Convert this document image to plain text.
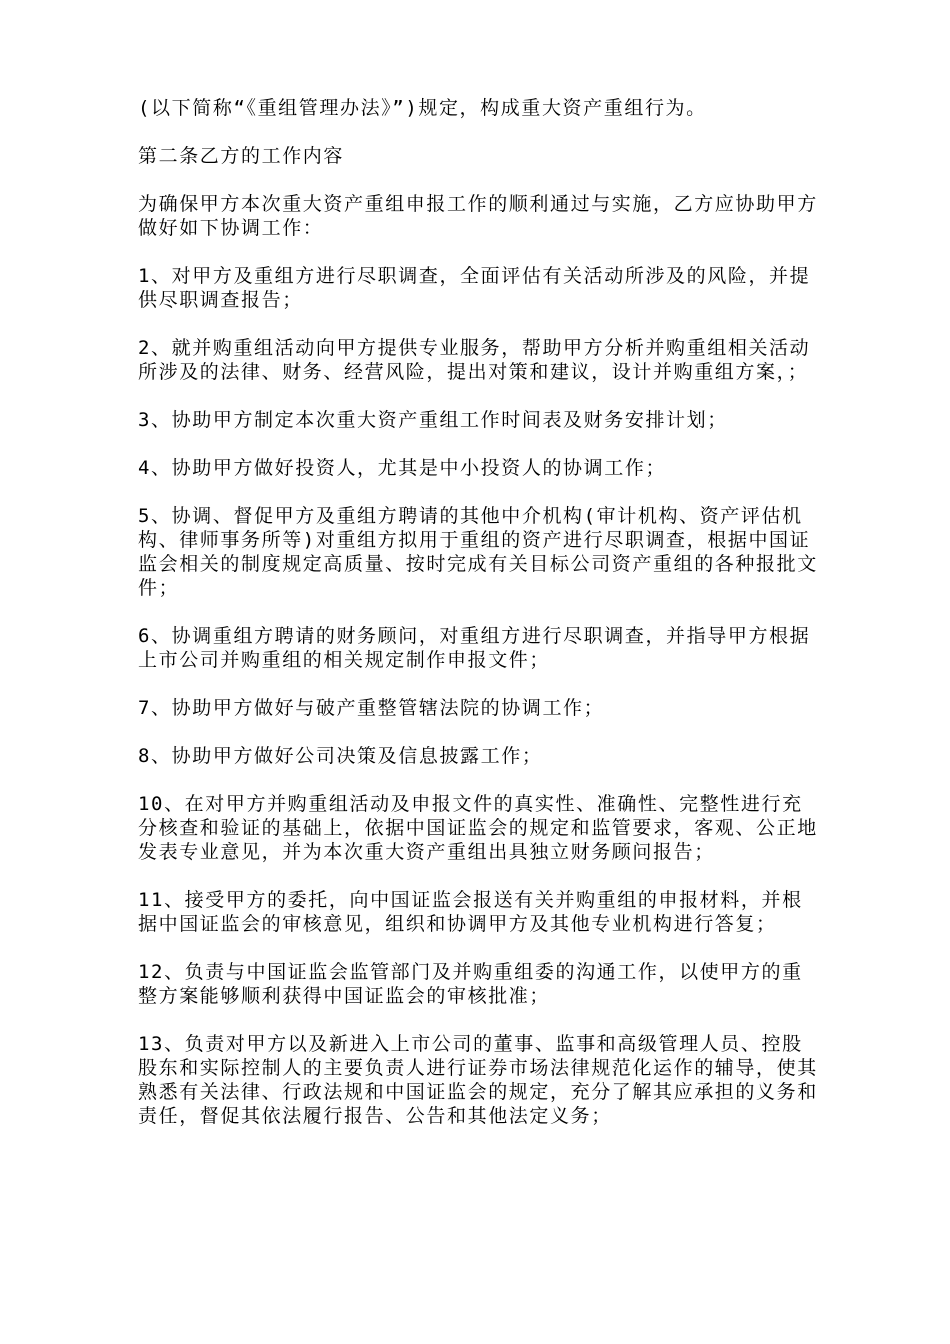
(以下简称“《重组管理办法》”)规定，构成重大资产重组行为。

第二条乙方的工作内容

为确保甲方本次重大资产重组申报工作的顺利通过与实施，乙方应协助甲方做好如下协调工作：

1、对甲方及重组方进行尽职调查，全面评估有关活动所涉及的风险，并提供尽职调查报告；

2、就并购重组活动向甲方提供专业服务，帮助甲方分析并购重组相关活动所涉及的法律、财务、经营风险，提出对策和建议，设计并购重组方案，；

3、协助甲方制定本次重大资产重组工作时间表及财务安排计划；

4、协助甲方做好投资人，尤其是中小投资人的协调工作；

5、协调、督促甲方及重组方聘请的其他中介机构(审计机构、资产评估机构、律师事务所等)对重组方拟用于重组的资产进行尽职调查，根据中国证监会相关的制度规定高质量、按时完成有关目标公司资产重组的各种报批文件；

6、协调重组方聘请的财务顾问，对重组方进行尽职调查，并指导甲方根据上市公司并购重组的相关规定制作申报文件；

7、协助甲方做好与破产重整管辖法院的协调工作；

8、协助甲方做好公司决策及信息披露工作；

10、在对甲方并购重组活动及申报文件的真实性、准确性、完整性进行充分核查和验证的基础上，依据中国证监会的规定和监管要求，客观、公正地发表专业意见，并为本次重大资产重组出具独立财务顾问报告；

11、接受甲方的委托，向中国证监会报送有关并购重组的申报材料，并根据中国证监会的审核意见，组织和协调甲方及其他专业机构进行答复；

12、负责与中国证监会监管部门及并购重组委的沟通工作，以使甲方的重整方案能够顺利获得中国证监会的审核批准；

13、负责对甲方以及新进入上市公司的董事、监事和高级管理人员、控股股东和实际控制人的主要负责人进行证券市场法律规范化运作的辅导，使其熟悉有关法律、行政法规和中国证监会的规定，充分了解其应承担的义务和责任，督促其依法履行报告、公告和其他法定义务；
